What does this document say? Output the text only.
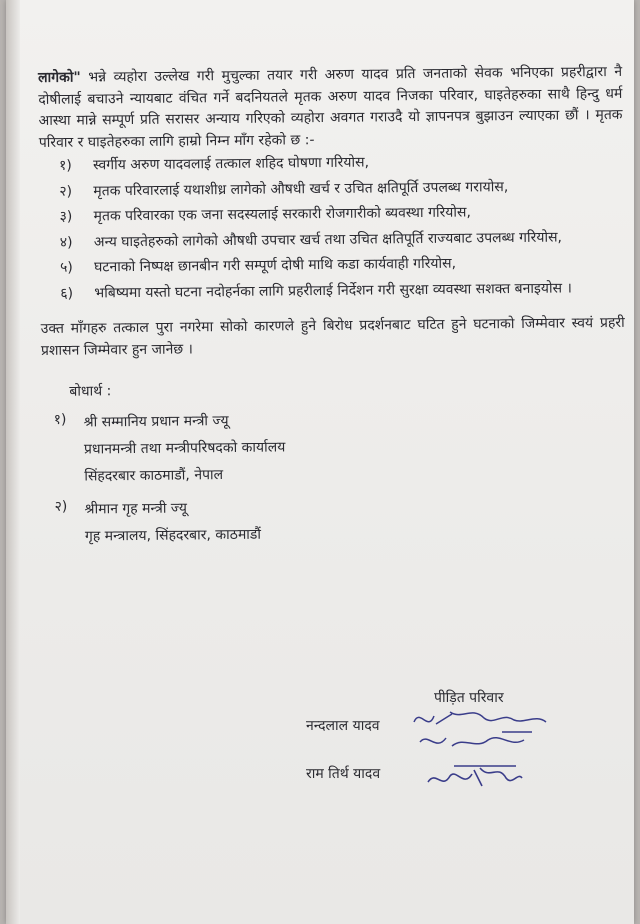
लागेको" भन्ने व्यहोरा उल्लेख गरी मुचुल्का तयार गरी अरुण यादव प्रति जनताको सेवक भनिएका प्रहरीद्वारा नै दोषीलाई बचाउने न्यायबाट वंचित गर्ने बदनियतले मृतक अरुण यादव निजका परिवार, घाइतेहरुका साथै हिन्दु धर्म आस्था मान्ने सम्पूर्ण प्रति सरासर अन्याय गरिएको व्यहोरा अवगत गराउदै यो ज्ञापनपत्र बुझाउन ल्याएका छौं । मृतक परिवार र घाइतेहरुका लागि हाम्रो निम्न माँग रहेको छ :-

१)	स्वर्गीय अरुण यादवलाई तत्काल शहिद घोषणा गरियोस,
२)	मृतक परिवारलाई यथाशीध्र लागेको औषधी खर्च र उचित क्षतिपूर्ति उपलब्ध गरायोस,
३)	मृतक परिवारका एक जना सदस्यलाई सरकारी रोजगारीको ब्यवस्था गरियोस,
४)	अन्य घाइतेहरुको लागेको औषधी उपचार खर्च तथा उचित क्षतिपूर्ति राज्यबाट उपलब्ध गरियोस,
५)	घटनाको निष्पक्ष छानबीन गरी सम्पूर्ण दोषी माथि कडा कार्यवाही गरियोस,
६)	भबिष्यमा यस्तो घटना नदोहर्नका लागि प्रहरीलाई निर्देशन गरी सुरक्षा व्यवस्था सशक्त बनाइयोस ।

उक्त माँगहरु तत्काल पुरा नगरेमा सोको कारणले हुने बिरोध प्रदर्शनबाट घटित हुने घटनाको जिम्मेवार स्वयं प्रहरी प्रशासन जिम्मेवार हुन जानेछ ।

बोधार्थ :
१)	श्री सम्मानिय प्रधान मन्त्री ज्यू
प्रधानमन्त्री तथा मन्त्रीपरिषदको कार्यालय
सिंहदरबार काठमाडौं, नेपाल
२)	श्रीमान गृह मन्त्री ज्यू
गृह मन्त्रालय, सिंहदरबार, काठमाडौं
पीड़ित परिवार
नन्दलाल यादव
राम तिर्थ यादव
